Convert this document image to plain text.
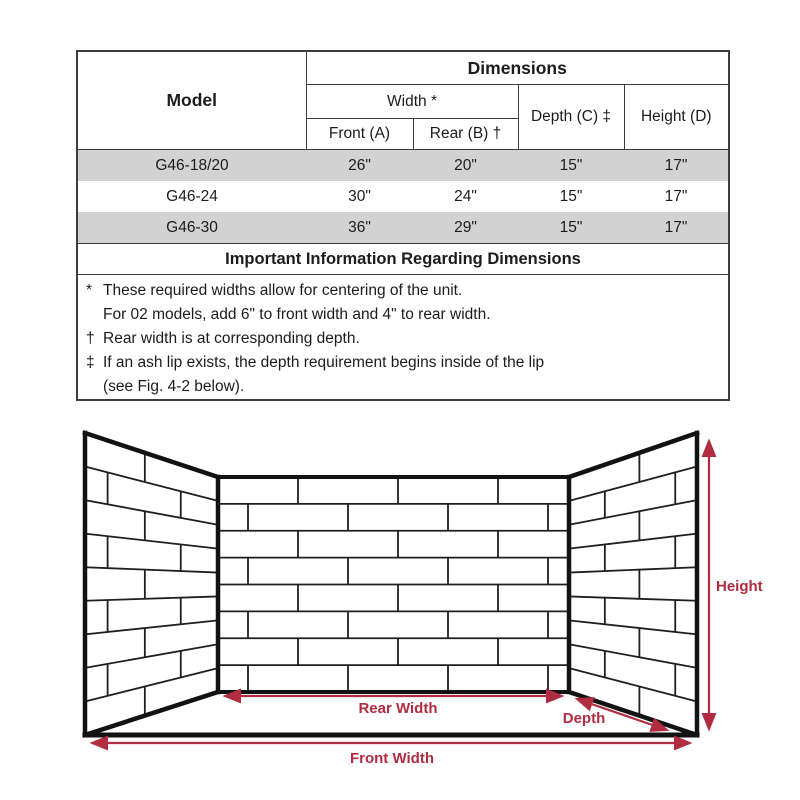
Model	Dimensions			
	Width *		Depth (C) ‡	Height (D)
	Front (A)	Rear (B) †		
G46-18/20	26"	20"	15"	17"
G46-24	30"	24"	15"	17"
G46-30	36"	29"	15"	17"
Important Information Regarding Dimensions				

* These required widths allow for centering of the unit.
For 02 models, add 6" to front width and 4" to rear width.
† Rear width is at corresponding depth.
‡ If an ash lip exists, the depth requirement begins inside of the lip
(see Fig. 4-2 below).
Height
Rear Width
Depth
Front Width
